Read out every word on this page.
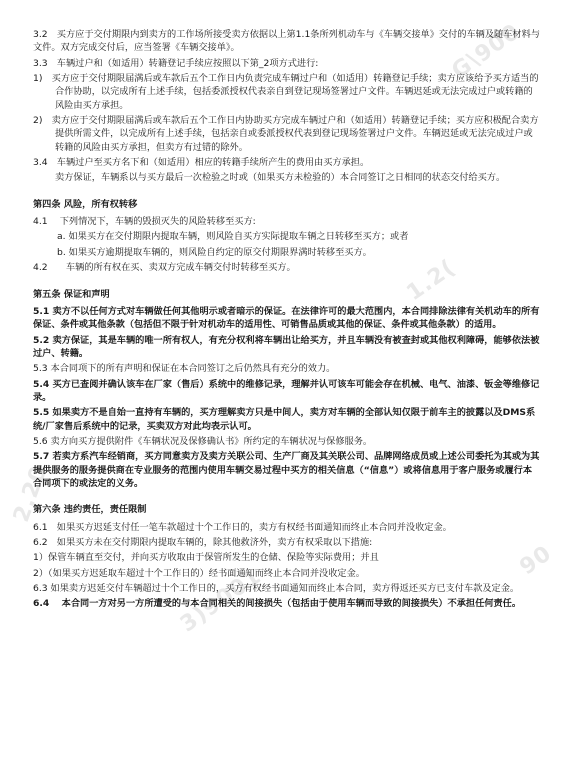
G\900
2.20
1.2(
3)9001
90

3.2　买方应于交付期限内到卖方的工作场所接受卖方依据以上第1.1条所列机动车与《车辆交接单》交付的车辆及随车材料与文件。双方完成交付后，应当签署《车辆交接单》。

3.3　车辆过户和（如适用）转籍登记手续应按照以下第_2项方式进行:

1)　买方应于交付期限届满后或车款后五个工作日内负责完成车辆过户和（如适用）转籍登记手续；卖方应该给予买方适当的合作协助，以完成所有上述手续，包括委派授权代表亲自到登记现场签署过户文件。车辆迟延或无法完成过户或转籍的风险由买方承担。

2)　卖方应于交付期限届满后或车款后五个工作日内协助买方完成车辆过户和（如适用）转籍登记手续；买方应积极配合卖方提供所需文件，以完成所有上述手续，包括亲自或委派授权代表到登记现场签署过户文件。车辆迟延或无法完成过户或转籍的风险由买方承担，但卖方有过错的除外。

3.4　车辆过户至买方名下和（如适用）相应的转籍手续所产生的费用由买方承担。

卖方保证，车辆系以与买方最后一次检验之时或（如果买方未检验的）本合同签订之日相同的状态交付给买方。

第四条 风险，所有权转移

4.1　 下列情况下，车辆的毁损灭失的风险转移至买方:

a. 如果买方在交付期限内提取车辆，则风险自买方实际提取车辆之日转移至买方；或者

b. 如果买方逾期提取车辆的，则风险自约定的原交付期限界满时转移至买方。

4.2　　车辆的所有权在买、卖双方完成车辆交付时转移至买方。

第五条 保证和声明

5.1 卖方不以任何方式对车辆做任何其他明示或者暗示的保证。在法律许可的最大范围内，本合同排除法律有关机动车的所有保证、条件或其他条款（包括但不限于针对机动车的适用性、可销售品质或其他的保证、条件或其他条款）的适用。

5.2 卖方保证，其是车辆的唯一所有权人，有充分权利将车辆出让给买方，并且车辆没有被查封或其他权利障碍，能够依法被过户、转籍。

5.3 本合同项下的所有声明和保证在本合同签订之后仍然具有充分的效力。

5.4 买方已查阅并确认该车在厂家（售后）系统中的维修记录，理解并认可该车可能会存在机械、电气、油漆、钣金等维修记录。

5.5 如果卖方不是自始一直持有车辆的，买方理解卖方只是中间人，卖方对车辆的全部认知仅限于前车主的披露以及DMS系统/厂家售后系统中的记录，买卖双方对此均表示认可。

5.6 卖方向买方提供附件《车辆状况及保修确认书》所约定的车辆状况与保修服务。

5.7 若卖方系汽车经销商，买方同意卖方及卖方关联公司、生产厂商及其关联公司、品牌网络成员或上述公司委托为其或为其提供服务的服务提供商在专业服务的范围内使用车辆交易过程中买方的相关信息（“信息”）或将信息用于客户服务或履行本合同项下的或法定的义务。

第六条 违约责任，责任限制

6.1　如果买方迟延支付任一笔车款超过十个工作日的，卖方有权经书面通知而终止本合同并没收定金。

6.2　如果买方未在交付期限内提取车辆的，除其他救济外，卖方有权采取以下措施:

1）保管车辆直至交付，并向买方收取由于保管所发生的仓储、保险等实际费用；并且

2）（如果买方迟延取车超过十个工作日的）经书面通知而终止本合同并没收定金。

6.3 如果卖方迟延交付车辆超过十个工作日的，买方有权经书面通知而终止本合同，卖方得返还买方已支付车款及定金。

6.4　 本合同一方对另一方所遭受的与本合同相关的间接损失（包括由于使用车辆而导致的间接损失）不承担任何责任。
